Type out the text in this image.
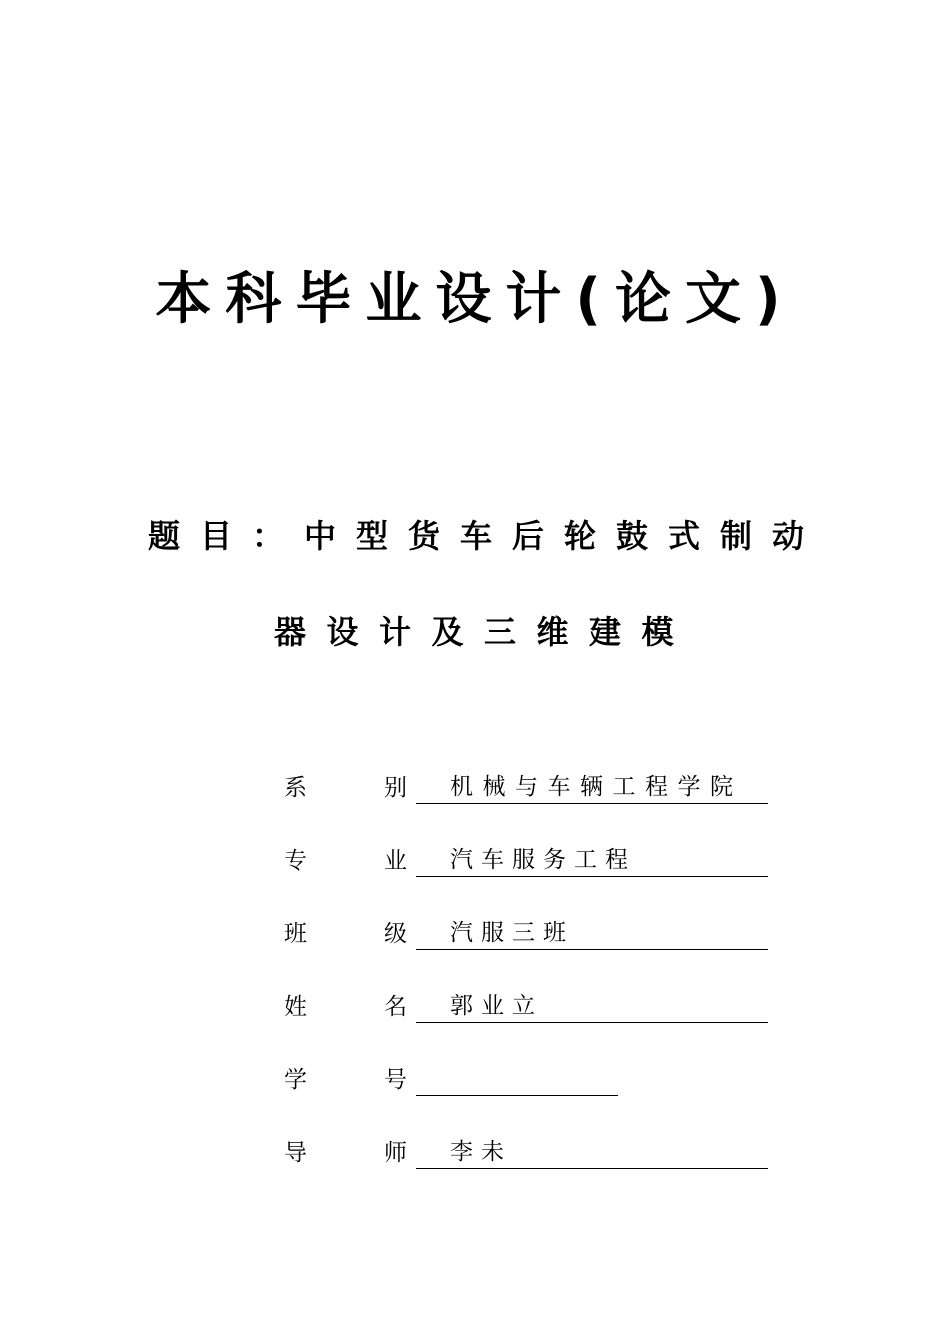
本科毕业设计(论文)
题目：中型货车后轮鼓式制动
器设计及三维建模
系	别	机械与车辆工程学院
专	业	汽车服务工程
班	级	汽服三班
姓	名	郭业立
学	号
导	师	李未
